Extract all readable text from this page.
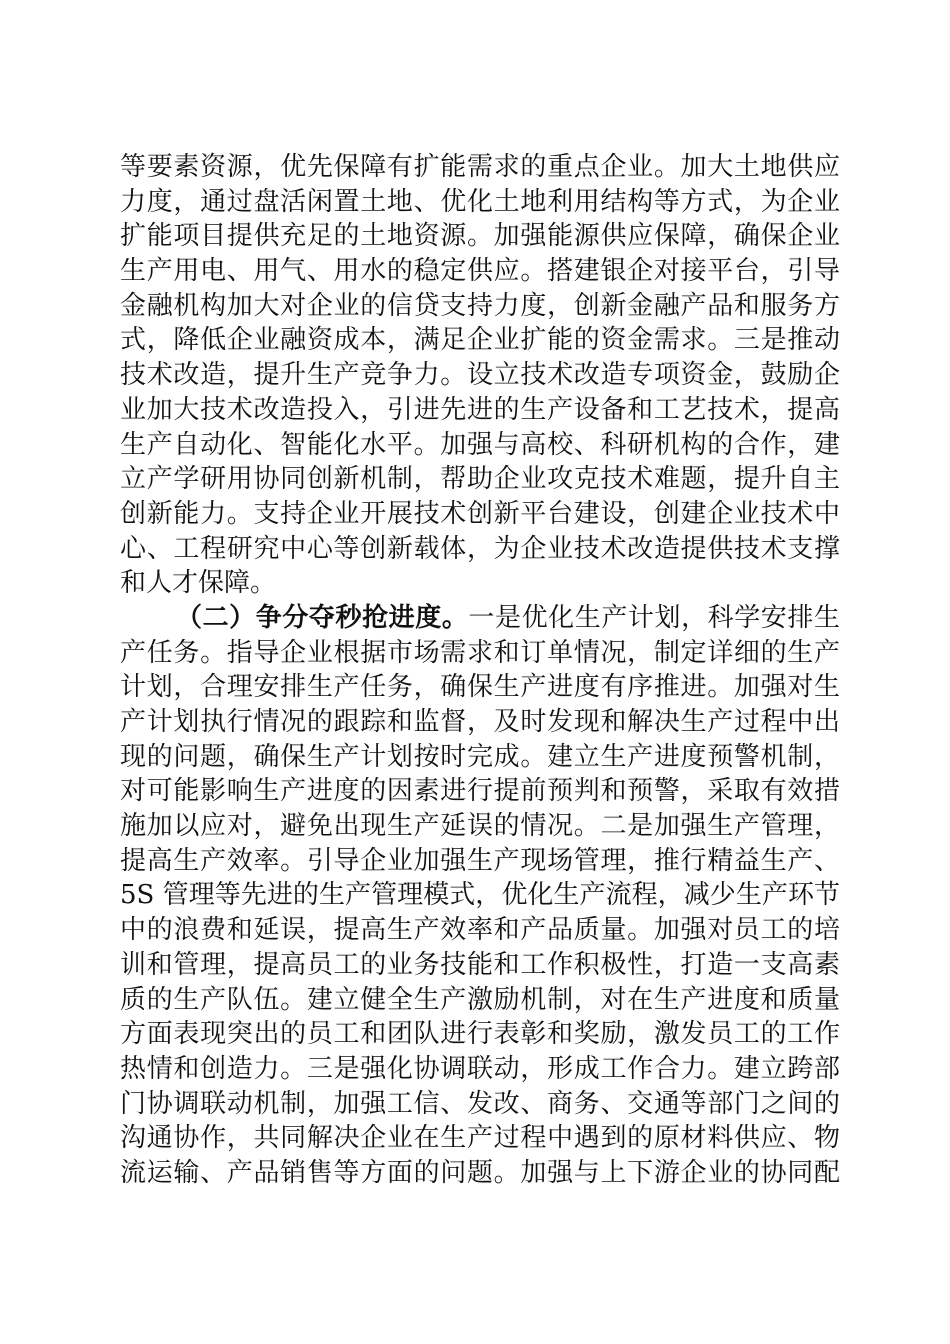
等要素资源，优先保障有扩能需求的重点企业。加大土地供应
力度，通过盘活闲置土地、优化土地利用结构等方式，为企业
扩能项目提供充足的土地资源。加强能源供应保障，确保企业
生产用电、用气、用水的稳定供应。搭建银企对接平台，引导
金融机构加大对企业的信贷支持力度，创新金融产品和服务方
式，降低企业融资成本，满足企业扩能的资金需求。三是推动
技术改造，提升生产竞争力。设立技术改造专项资金，鼓励企
业加大技术改造投入，引进先进的生产设备和工艺技术，提高
生产自动化、智能化水平。加强与高校、科研机构的合作，建
立产学研用协同创新机制，帮助企业攻克技术难题，提升自主
创新能力。支持企业开展技术创新平台建设，创建企业技术中
心、工程研究中心等创新载体，为企业技术改造提供技术支撑
和人才保障。
（二）争分夺秒抢进度。一是优化生产计划，科学安排生
产任务。指导企业根据市场需求和订单情况，制定详细的生产
计划，合理安排生产任务，确保生产进度有序推进。加强对生
产计划执行情况的跟踪和监督，及时发现和解决生产过程中出
现的问题，确保生产计划按时完成。建立生产进度预警机制，
对可能影响生产进度的因素进行提前预判和预警，采取有效措
施加以应对，避免出现生产延误的情况。二是加强生产管理，
提高生产效率。引导企业加强生产现场管理，推行精益生产、
5S 管理等先进的生产管理模式，优化生产流程，减少生产环节
中的浪费和延误，提高生产效率和产品质量。加强对员工的培
训和管理，提高员工的业务技能和工作积极性，打造一支高素
质的生产队伍。建立健全生产激励机制，对在生产进度和质量
方面表现突出的员工和团队进行表彰和奖励，激发员工的工作
热情和创造力。三是强化协调联动，形成工作合力。建立跨部
门协调联动机制，加强工信、发改、商务、交通等部门之间的
沟通协作，共同解决企业在生产过程中遇到的原材料供应、物
流运输、产品销售等方面的问题。加强与上下游企业的协同配
